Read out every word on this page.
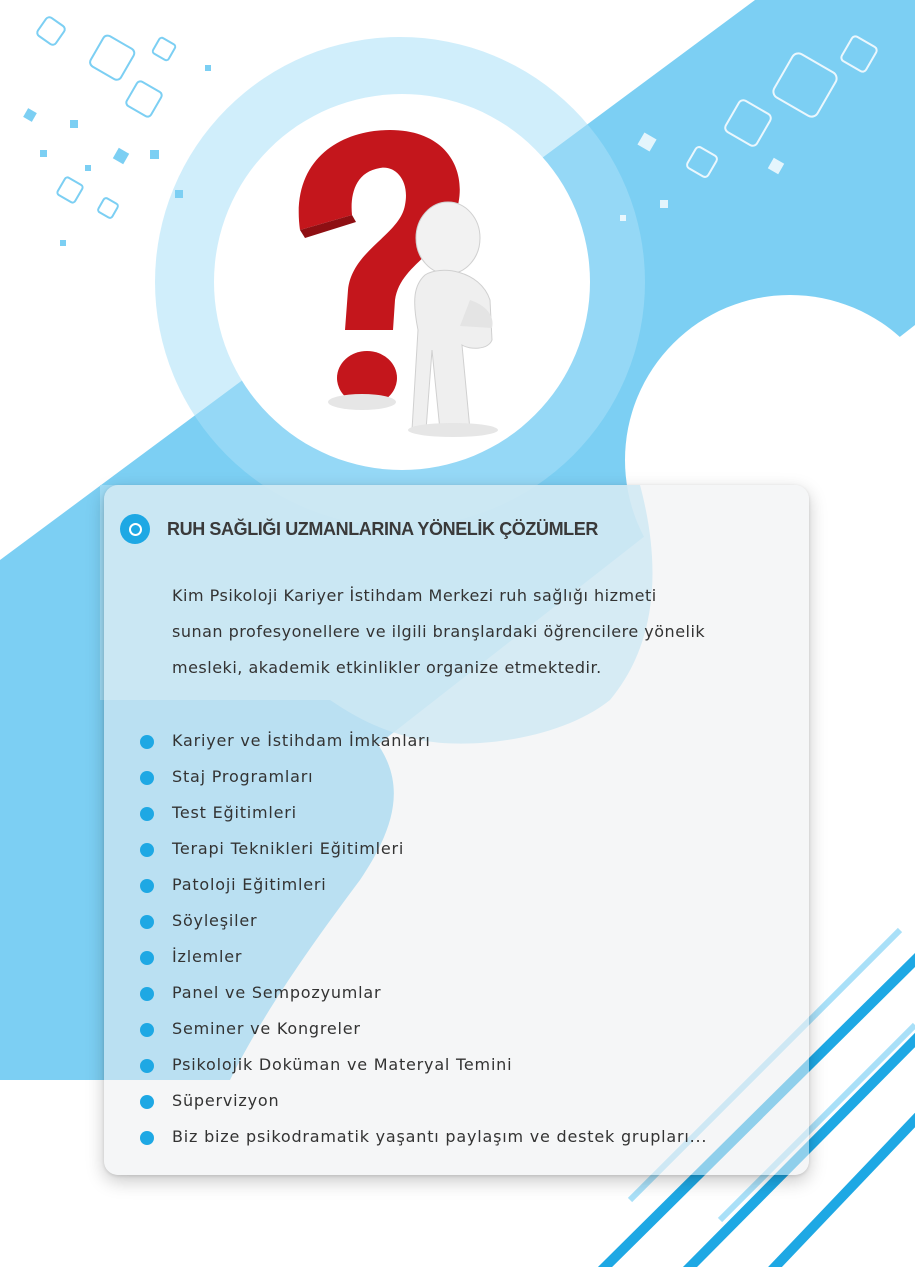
RUH SAĞLIĞI UZMANLARINA YÖNELİK ÇÖZÜMLER

Kim Psikoloji Kariyer İstihdam Merkezi ruh sağlığı hizmeti
sunan profesyonellere ve ilgili branşlardaki öğrencilere yönelik
mesleki, akademik etkinlikler organize etmektedir.

Kariyer ve İstihdam İmkanları
Staj Programları
Test Eğitimleri
Terapi Teknikleri Eğitimleri
Patoloji Eğitimleri
Söyleşiler
İzlemler
Panel ve Sempozyumlar
Seminer ve Kongreler
Psikolojik Doküman ve Materyal Temini
Süpervizyon
Biz bize psikodramatik yaşantı paylaşım ve destek grupları...
